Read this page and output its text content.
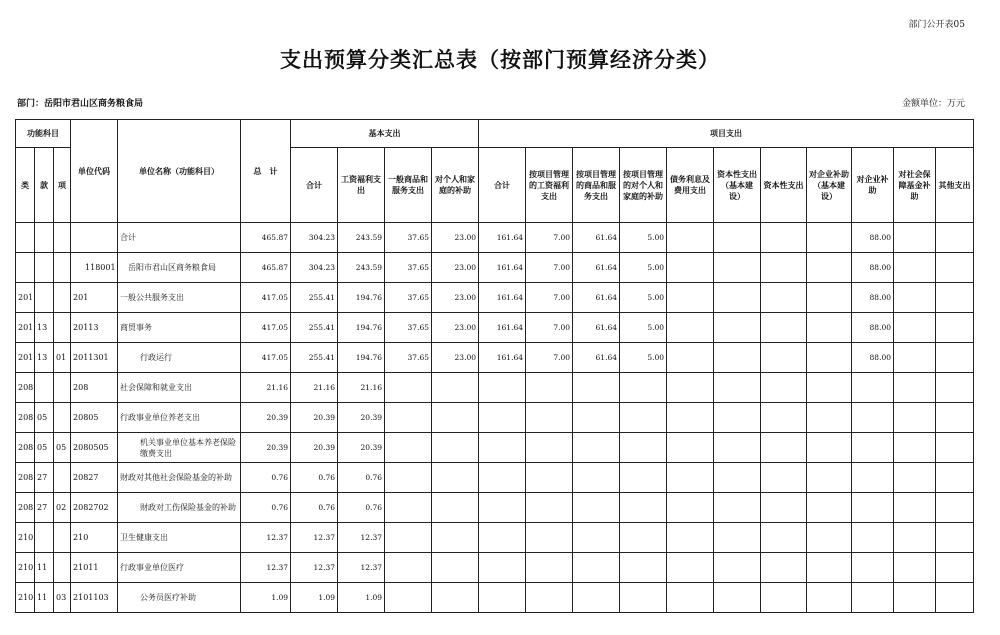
部门公开表05
支出预算分类汇总表（按部门预算经济分类）
部门：岳阳市君山区商务粮食局	金额单位：万元
功能科目			单位代码	单位名称（功能科目）	总　计	基本支出				项目支出										
类	款	项				合计	工资福利支出	一般商品和服务支出	对个人和家庭的补助	合计	按项目管理的工资福利支出	按项目管理的商品和服务支出	按项目管理的对个人和家庭的补助	债务利息及费用支出	资本性支出（基本建设）	资本性支出	对企业补助（基本建设）	对企业补助	对社会保障基金补助	其他支出
				合计	465.87	304.23	243.59	37.65	23.00	161.64	7.00	61.64	5.00					88.00		
			118001	岳阳市君山区商务粮食局	465.87	304.23	243.59	37.65	23.00	161.64	7.00	61.64	5.00					88.00		
201			201	一般公共服务支出	417.05	255.41	194.76	37.65	23.00	161.64	7.00	61.64	5.00					88.00		
201	13		20113	商贸事务	417.05	255.41	194.76	37.65	23.00	161.64	7.00	61.64	5.00					88.00		
201	13	01	2011301	行政运行	417.05	255.41	194.76	37.65	23.00	161.64	7.00	61.64	5.00					88.00		
208			208	社会保障和就业支出	21.16	21.16	21.16													
208	05		20805	行政事业单位养老支出	20.39	20.39	20.39													
208	05	05	2080505	机关事业单位基本养老保险缴费支出	20.39	20.39	20.39													
208	27		20827	财政对其他社会保险基金的补助	0.76	0.76	0.76													
208	27	02	2082702	财政对工伤保险基金的补助	0.76	0.76	0.76													
210			210	卫生健康支出	12.37	12.37	12.37													
210	11		21011	行政事业单位医疗	12.37	12.37	12.37													
210	11	03	2101103	公务员医疗补助	1.09	1.09	1.09													
